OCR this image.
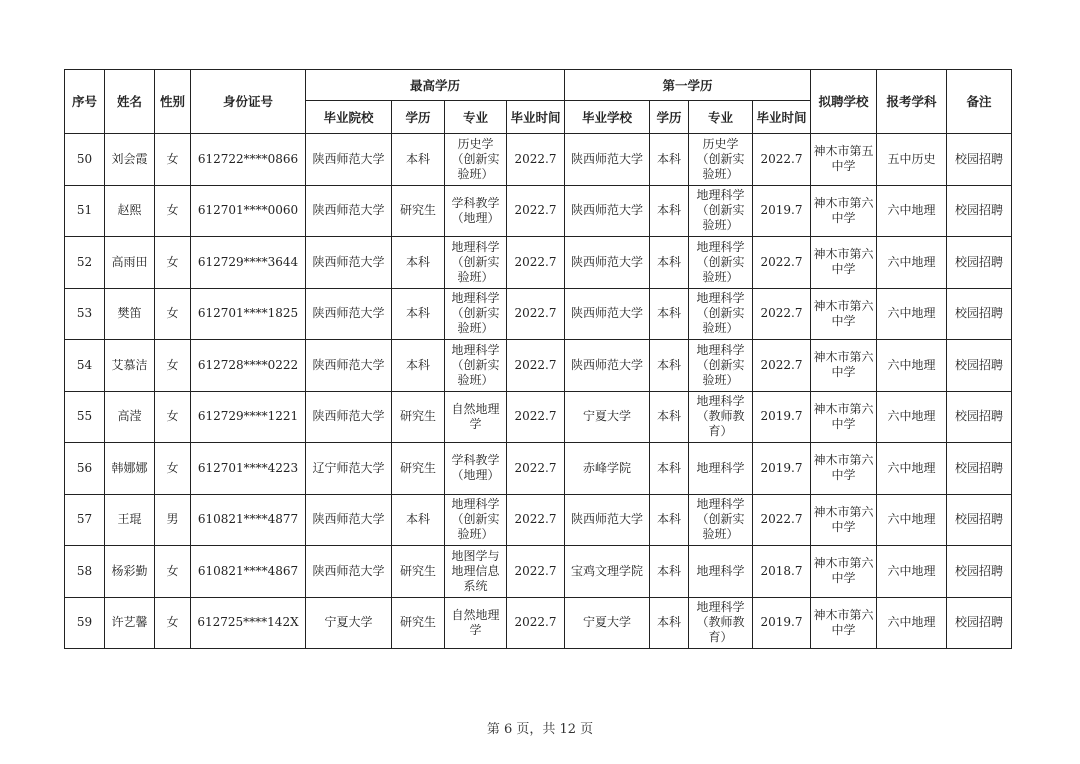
序号	姓名	性别	身份证号	最高学历				第一学历				拟聘学校	报考学科	备注
				毕业院校	学历	专业	毕业时间	毕业学校	学历	专业	毕业时间			
50	刘会霞	女	612722****0866	陕西师范大学	本科	历史学（创新实验班）	2022.7	陕西师范大学	本科	历史学（创新实验班）	2022.7	神木市第五中学	五中历史	校园招聘
51	赵熙	女	612701****0060	陕西师范大学	研究生	学科教学（地理）	2022.7	陕西师范大学	本科	地理科学（创新实验班）	2019.7	神木市第六中学	六中地理	校园招聘
52	高雨田	女	612729****3644	陕西师范大学	本科	地理科学（创新实验班）	2022.7	陕西师范大学	本科	地理科学（创新实验班）	2022.7	神木市第六中学	六中地理	校园招聘
53	樊笛	女	612701****1825	陕西师范大学	本科	地理科学（创新实验班）	2022.7	陕西师范大学	本科	地理科学（创新实验班）	2022.7	神木市第六中学	六中地理	校园招聘
54	艾慕洁	女	612728****0222	陕西师范大学	本科	地理科学（创新实验班）	2022.7	陕西师范大学	本科	地理科学（创新实验班）	2022.7	神木市第六中学	六中地理	校园招聘
55	高滢	女	612729****1221	陕西师范大学	研究生	自然地理学	2022.7	宁夏大学	本科	地理科学（教师教育）	2019.7	神木市第六中学	六中地理	校园招聘
56	韩娜娜	女	612701****4223	辽宁师范大学	研究生	学科教学（地理）	2022.7	赤峰学院	本科	地理科学	2019.7	神木市第六中学	六中地理	校园招聘
57	王琨	男	610821****4877	陕西师范大学	本科	地理科学（创新实验班）	2022.7	陕西师范大学	本科	地理科学（创新实验班）	2022.7	神木市第六中学	六中地理	校园招聘
58	杨彩勤	女	610821****4867	陕西师范大学	研究生	地图学与地理信息系统	2022.7	宝鸡文理学院	本科	地理科学	2018.7	神木市第六中学	六中地理	校园招聘
59	许艺馨	女	612725****142X	宁夏大学	研究生	自然地理学	2022.7	宁夏大学	本科	地理科学（教师教育）	2019.7	神木市第六中学	六中地理	校园招聘
第 6 页，共 12 页
